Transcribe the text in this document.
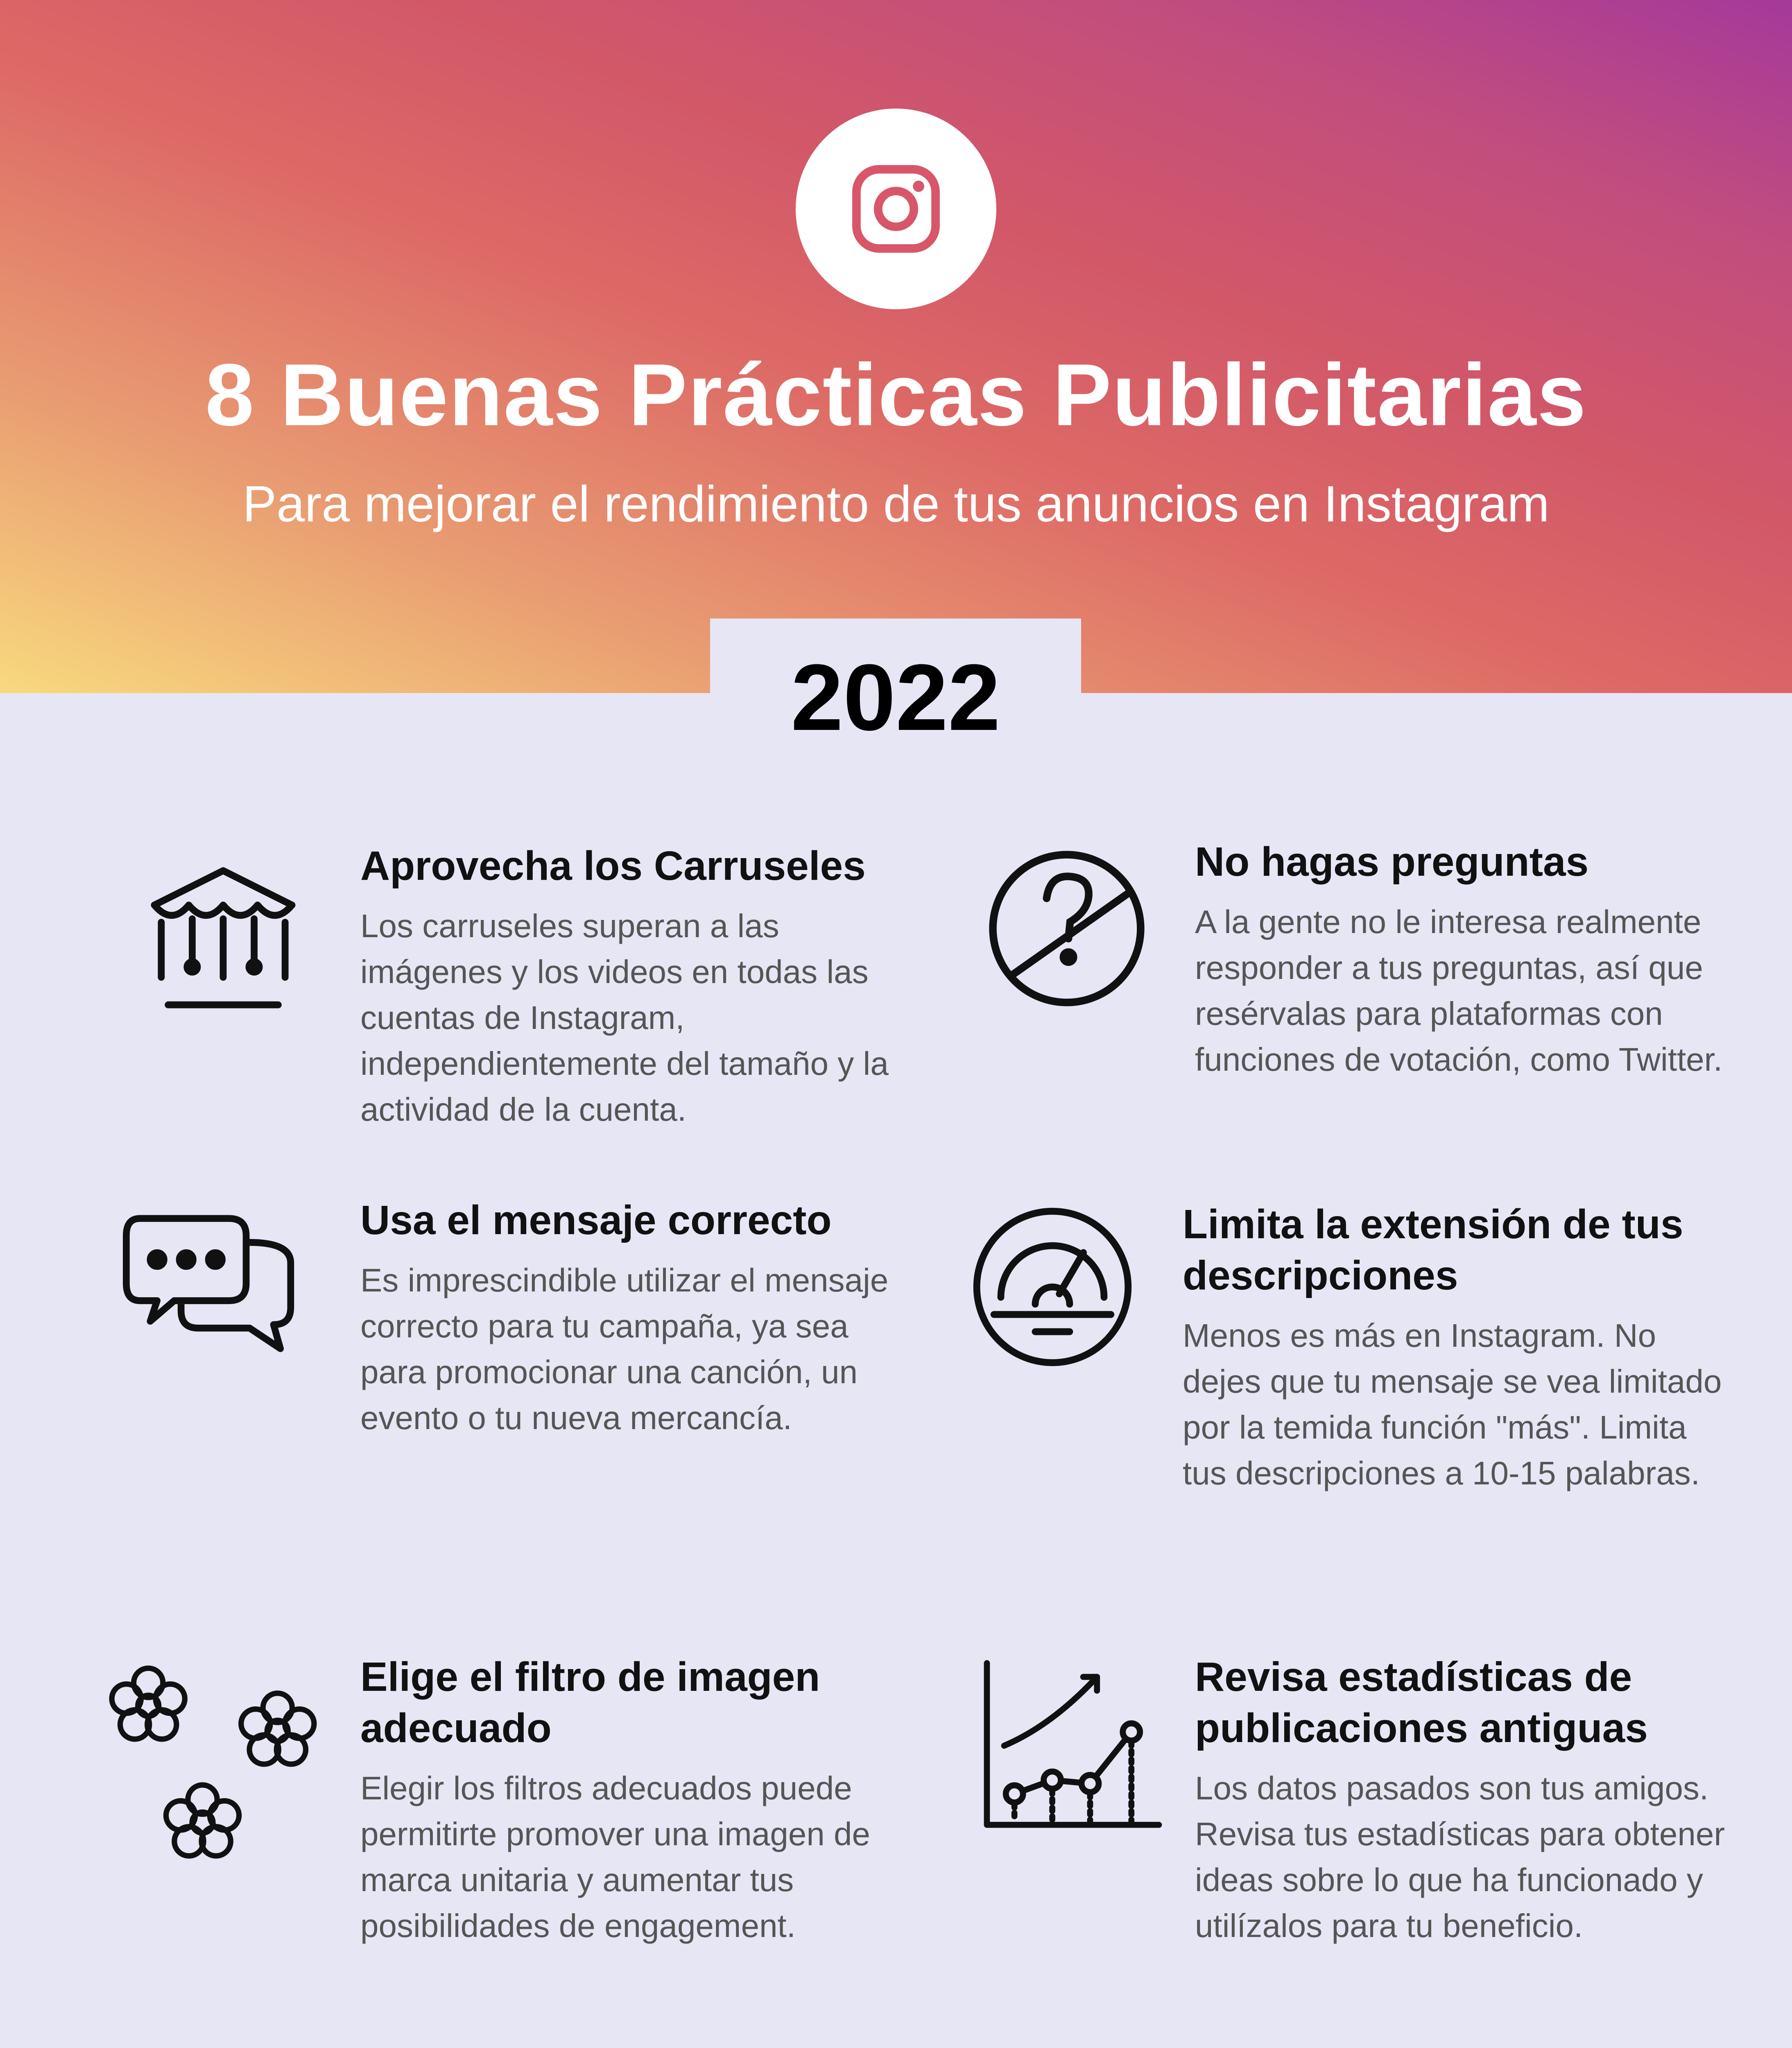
8 Buenas Prácticas Publicitarias
Para mejorar el rendimiento de tus anuncios en Instagram
2022
Aprovecha los Carruseles

Los carruseles superan a las imágenes y los videos en todas las cuentas de Instagram, independientemente del tamaño y la actividad de la cuenta.

No hagas preguntas

A la gente no le interesa realmente responder a tus preguntas, así que resérvalas para plataformas con funciones de votación, como Twitter.

Usa el mensaje correcto

Es imprescindible utilizar el mensaje correcto para tu campaña, ya sea para promocionar una canción, un evento o tu nueva mercancía.

Limita la extensión de tus descripciones

Menos es más en Instagram. No dejes que tu mensaje se vea limitado por la temida función "más". Limita tus descripciones a 10-15 palabras.

Elige el filtro de imagen adecuado

Elegir los filtros adecuados puede permitirte promover una imagen de marca unitaria y aumentar tus posibilidades de engagement.

Revisa estadísticas de publicaciones antiguas

Los datos pasados son tus amigos. Revisa tus estadísticas para obtener ideas sobre lo que ha funcionado y utilízalos para tu beneficio.
